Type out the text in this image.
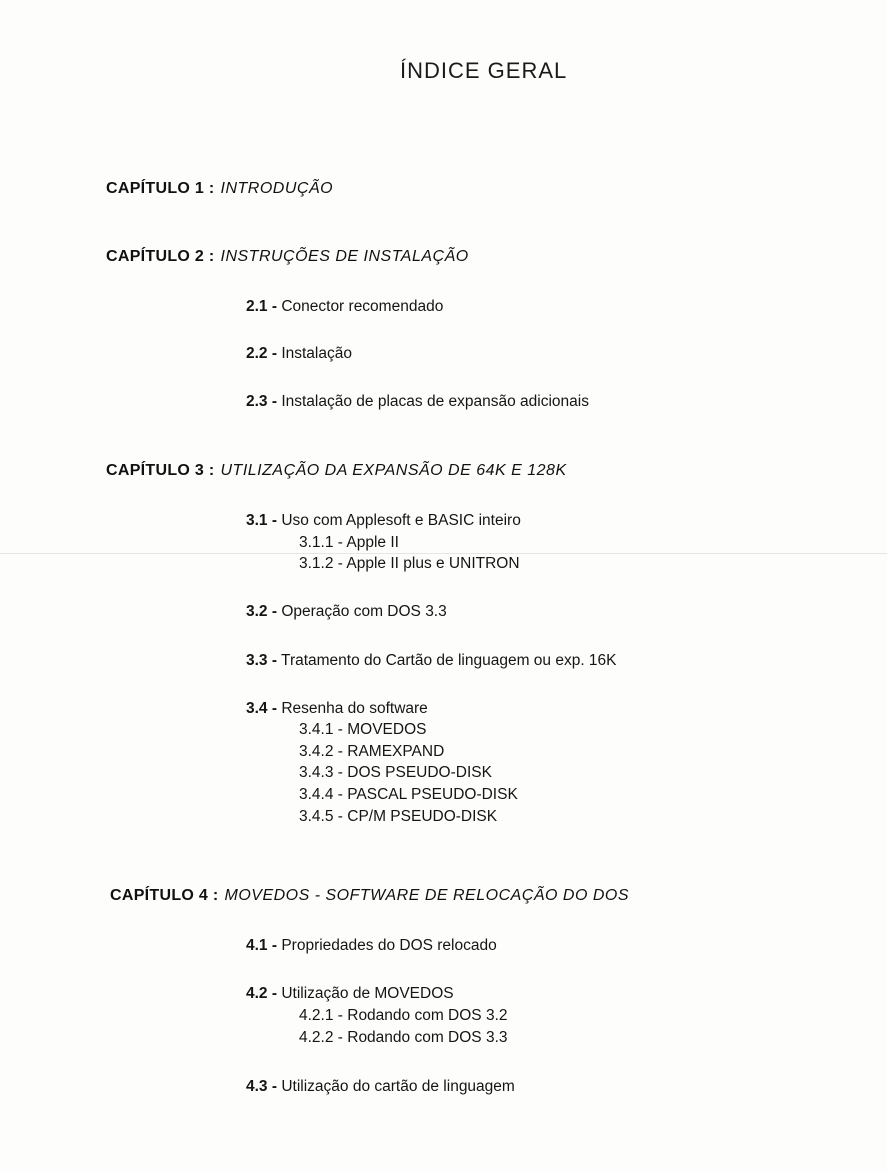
ÍNDICE GERAL
CAPÍTULO 1 : INTRODUÇÃO
CAPÍTULO 2 : INSTRUÇÕES DE INSTALAÇÃO
2.1 - Conector recomendado
2.2 - Instalação
2.3 - Instalação de placas de expansão adicionais
CAPÍTULO 3 : UTILIZAÇÃO DA EXPANSÃO DE 64K E 128K
3.1 - Uso com Applesoft e BASIC inteiro
3.1.1 - Apple II
3.1.2 - Apple II plus e UNITRON
3.2 - Operação com DOS 3.3
3.3 - Tratamento do Cartão de linguagem ou exp. 16K
3.4 - Resenha do software
3.4.1 - MOVEDOS
3.4.2 - RAMEXPAND
3.4.3 - DOS PSEUDO-DISK
3.4.4 - PASCAL PSEUDO-DISK
3.4.5 - CP/M PSEUDO-DISK
CAPÍTULO 4 : MOVEDOS - SOFTWARE DE RELOCAÇÃO DO DOS
4.1 - Propriedades do DOS relocado
4.2 - Utilização de MOVEDOS
4.2.1 - Rodando com DOS 3.2
4.2.2 - Rodando com DOS 3.3
4.3 - Utilização do cartão de linguagem
